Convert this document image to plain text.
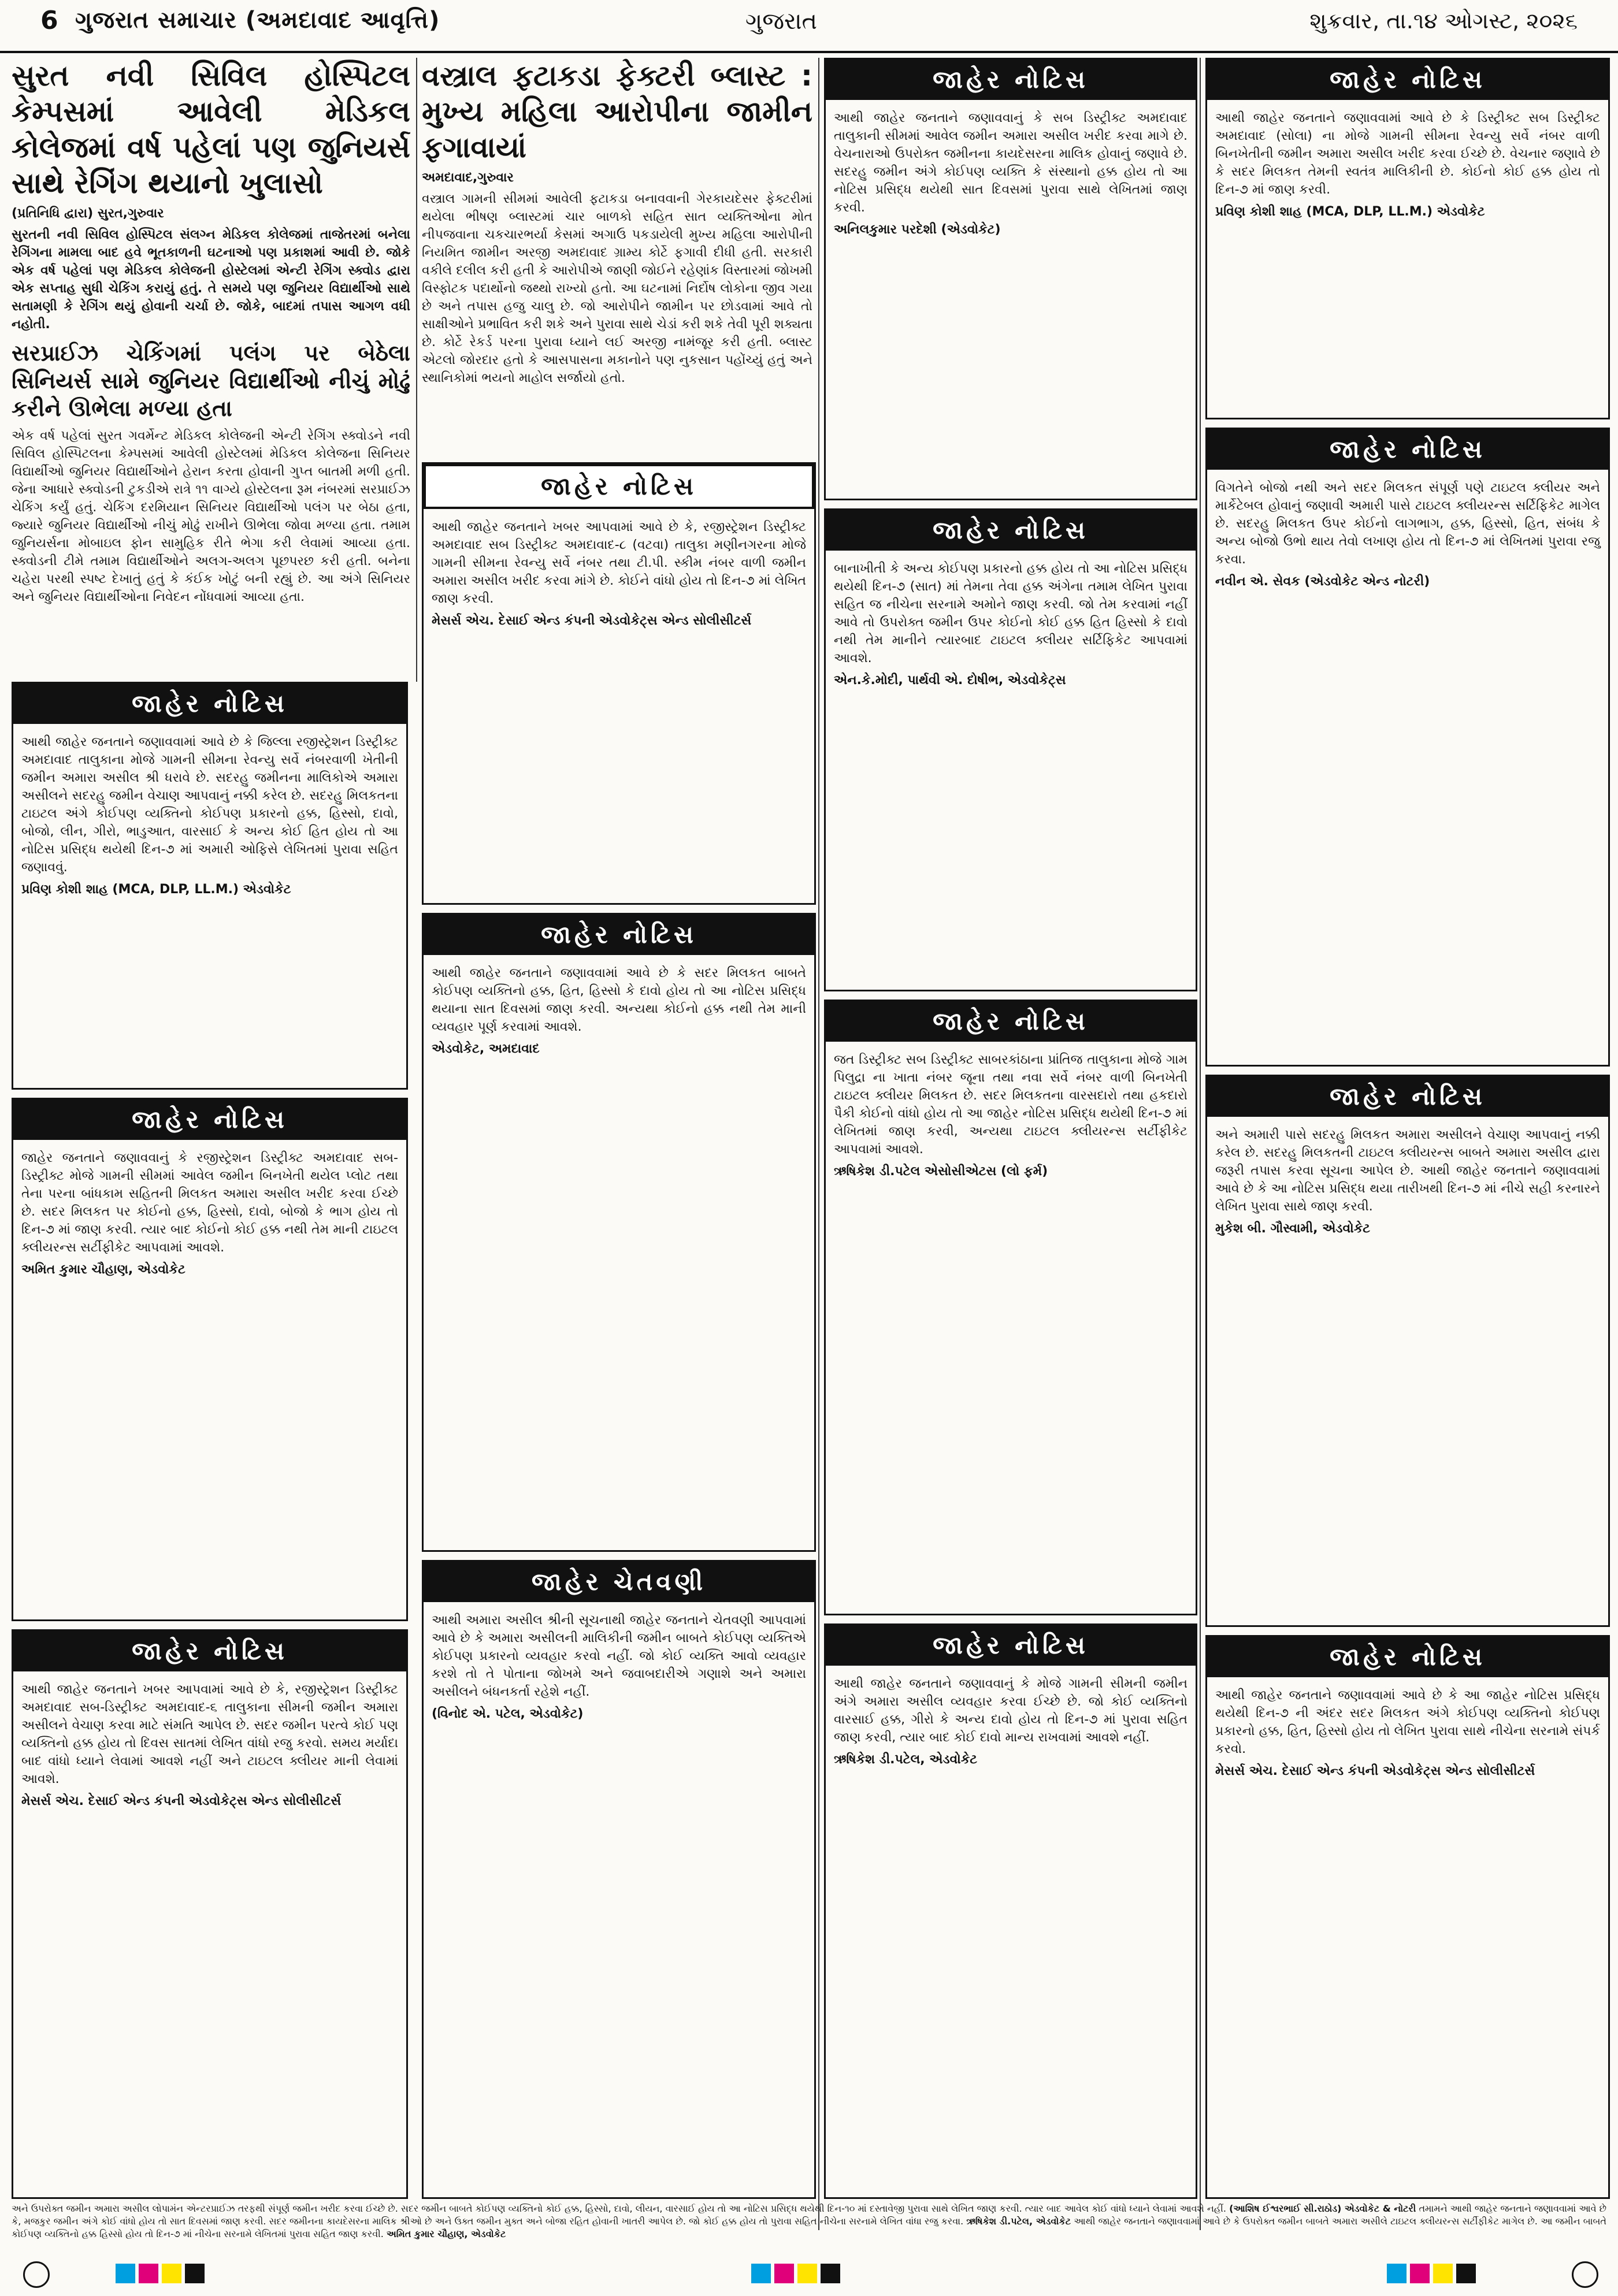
6 ગુજરાત સમાચાર (અમદાવાદ આવૃત્તિ)	ગુજરાત	શુક્રવાર, તા.૧૪ ઓગસ્ટ, ૨૦૨૬
સુરત નવી સિવિલ હોસ્પિટલ કેમ્પસમાં આવેલી મેડિકલ કોલેજમાં વર્ષ પહેલાં પણ જુનિયર્સ સાથે રેગિંગ થયાનો ખુલાસો
(પ્રતિનિધિ દ્વારા) સુરત,ગુરુવાર

સુરતની નવી સિવિલ હોસ્પિટલ સંલગ્ન મેડિકલ કોલેજમાં તાજેતરમાં બનેલા રેગિંગના મામલા બાદ હવે ભૂતકાળની ઘટનાઓ પણ પ્રકાશમાં આવી છે. જોકે એક વર્ષ પહેલાં પણ મેડિકલ કોલેજની હોસ્ટેલમાં એન્ટી રેગિંગ સ્ક્વોડ દ્વારા એક સપ્તાહ સુધી ચેકિંગ કરાયું હતું. તે સમયે પણ જુનિયર વિદ્યાર્થીઓ સાથે સતામણી કે રેગિંગ થયું હોવાની ચર્ચા છે. જોકે, બાદમાં તપાસ આગળ વધી નહોતી.

સરપ્રાઈઝ ચેકિંગમાં પલંગ પર બેઠેલા સિનિયર્સ સામે જુનિયર વિદ્યાર્થીઓ નીચું મોઢું કરીને ઊભેલા મળ્યા હતા

એક વર્ષ પહેલાં સુરત ગવર્મેન્ટ મેડિકલ કોલેજની એન્ટી રેગિંગ સ્ક્વોડને નવી સિવિલ હોસ્પિટલના કેમ્પસમાં આવેલી હોસ્ટેલમાં મેડિકલ કોલેજના સિનિયર વિદ્યાર્થીઓ જુનિયર વિદ્યાર્થીઓને હેરાન કરતા હોવાની ગુપ્ત બાતમી મળી હતી. જેના આધારે સ્ક્વોડની ટુકડીએ રાત્રે ૧૧ વાગ્યે હોસ્ટેલના રૂમ નંબરમાં સરપ્રાઈઝ ચેકિંગ કર્યું હતું. ચેકિંગ દરમિયાન સિનિયર વિદ્યાર્થીઓ પલંગ પર બેઠા હતા, જ્યારે જુનિયર વિદ્યાર્થીઓ નીચું મોઢું રાખીને ઊભેલા જોવા મળ્યા હતા. તમામ જુનિયર્સના મોબાઇલ ફોન સામુહિક રીતે ભેગા કરી લેવામાં આવ્યા હતા. સ્ક્વોડની ટીમે તમામ વિદ્યાર્થીઓને અલગ-અલગ પૂછપરછ કરી હતી. બનેના ચહેરા પરથી સ્પષ્ટ દેખાતું હતું કે કંઈક ખોટું બની રહ્યું છે. આ અંગે સિનિયર અને જુનિયર વિદ્યાર્થીઓના નિવેદન નોંધવામાં આવ્યા હતા.

વસ્ત્રાલ ફટાકડા ફેક્ટરી બ્લાસ્ટ : મુખ્ય મહિલા આરોપીના જામીન ફગાવાયાં
અમદાવાદ,ગુરુવાર

વસ્ત્રાલ ગામની સીમમાં આવેલી ફટાકડા બનાવવાની ગેરકાયદેસર ફેક્ટરીમાં થયેલા ભીષણ બ્લાસ્ટમાં ચાર બાળકો સહિત સાત વ્યક્તિઓના મોત નીપજવાના ચકચારભર્યા કેસમાં અગાઉ પકડાયેલી મુખ્ય મહિલા આરોપીની નિયમિત જામીન અરજી અમદાવાદ ગ્રામ્ય કોર્ટે ફગાવી દીધી હતી. સરકારી વકીલે દલીલ કરી હતી કે આરોપીએ જાણી જોઈને રહેણાંક વિસ્તારમાં જોખમી વિસ્ફોટક પદાર્થોનો જથ્થો રાખ્યો હતો. આ ઘટનામાં નિર્દોષ લોકોના જીવ ગયા છે અને તપાસ હજુ ચાલુ છે. જો આરોપીને જામીન પર છોડવામાં આવે તો સાક્ષીઓને પ્રભાવિત કરી શકે અને પુરાવા સાથે ચેડાં કરી શકે તેવી પૂરી શક્યતા છે. કોર્ટે રેકર્ડ પરના પુરાવા ધ્યાને લઈ અરજી નામંજૂર કરી હતી. બ્લાસ્ટ એટલો જોરદાર હતો કે આસપાસના મકાનોને પણ નુકસાન પહોંચ્યું હતું અને સ્થાનિકોમાં ભયનો માહોલ સર્જાયો હતો.

જાહેર નોટિસ
આથી જાહેર જનતાને જણાવવામાં આવે છે કે જિલ્લા રજીસ્ટ્રેશન ડિસ્ટ્રીક્ટ અમદાવાદ તાલુકાના મોજે ગામની સીમના રેવન્યુ સર્વે નંબરવાળી ખેતીની જમીન અમારા અસીલ શ્રી ધરાવે છે. સદરહુ જમીનના માલિકોએ અમારા અસીલને સદરહુ જમીન વેચાણ આપવાનું નક્કી કરેલ છે. સદરહુ મિલકતના ટાઇટલ અંગે કોઈપણ વ્યક્તિનો કોઈપણ પ્રકારનો હક્ક, હિસ્સો, દાવો, બોજો, લીન, ગીરો, ભાડુઆત, વારસાઈ કે અન્ય કોઈ હિત હોય તો આ નોટિસ પ્રસિદ્ધ થયેથી દિન-૭ માં અમારી ઓફિસે લેખિતમાં પુરાવા સહિત જણાવવું.
પ્રવિણ કોશી શાહ (MCA, DLP, LL.M.) એડવોકેટ
જાહેર નોટિસ
જાહેર જનતાને જણાવવાનું કે રજીસ્ટ્રેશન ડિસ્ટ્રીક્ટ અમદાવાદ સબ-ડિસ્ટ્રીક્ટ મોજે ગામની સીમમાં આવેલ જમીન બિનખેતી થયેલ પ્લોટ તથા તેના પરના બાંધકામ સહિતની મિલકત અમારા અસીલ ખરીદ કરવા ઈચ્છે છે. સદર મિલકત પર કોઈનો હક્ક, હિસ્સો, દાવો, બોજો કે ભાગ હોય તો દિન-૭ માં જાણ કરવી. ત્યાર બાદ કોઈનો કોઈ હક્ક નથી તેમ માની ટાઇટલ ક્લીયરન્સ સર્ટીફીકેટ આપવામાં આવશે.
અમિત કુમાર ચૌહાણ, એડવોકેટ
જાહેર નોટિસ
આથી જાહેર જનતાને ખબર આપવામાં આવે છે કે, રજીસ્ટ્રેશન ડિસ્ટ્રીક્ટ અમદાવાદ સબ-ડિસ્ટ્રીક્ટ અમદાવાદ-૬ તાલુકાના સીમની જમીન અમારા અસીલને વેચાણ કરવા માટે સંમતિ આપેલ છે. સદર જમીન પરત્વે કોઈ પણ વ્યક્તિનો હક્ક હોય તો દિવસ સાતમાં લેખિત વાંધો રજુ કરવો. સમય મર્યાદા બાદ વાંધો ધ્યાને લેવામાં આવશે નહીં અને ટાઇટલ ક્લીયર માની લેવામાં આવશે.
મેસર્સ એચ. દેસાઈ એન્ડ કંપની એડવોકેટ્સ એન્ડ સોલીસીટર્સ
જાહેર નોટિસ
આથી જાહેર જનતાને ખબર આપવામાં આવે છે કે, રજીસ્ટ્રેશન ડિસ્ટ્રીક્ટ અમદાવાદ સબ ડિસ્ટ્રીક્ટ અમદાવાદ-૮ (વટવા) તાલુકા મણીનગરના મોજે ગામની સીમના રેવન્યુ સર્વે નંબર તથા ટી.પી. સ્કીમ નંબર વાળી જમીન અમારા અસીલ ખરીદ કરવા માંગે છે. કોઈને વાંધો હોય તો દિન-૭ માં લેખિત જાણ કરવી.
મેસર્સ એચ. દેસાઈ એન્ડ કંપની એડવોકેટ્સ એન્ડ સોલીસીટર્સ
જાહેર નોટિસ
આથી જાહેર જનતાને જણાવવામાં આવે છે કે સદર મિલકત બાબતે કોઈપણ વ્યક્તિનો હક્ક, હિત, હિસ્સો કે દાવો હોય તો આ નોટિસ પ્રસિદ્ધ થયાના સાત દિવસમાં જાણ કરવી. અન્યથા કોઈનો હક્ક નથી તેમ માની વ્યવહાર પૂર્ણ કરવામાં આવશે.
એડવોકેટ, અમદાવાદ
જાહેર ચેતવણી
આથી અમારા અસીલ શ્રીની સૂચનાથી જાહેર જનતાને ચેતવણી આપવામાં આવે છે કે અમારા અસીલની માલિકીની જમીન બાબતે કોઈપણ વ્યક્તિએ કોઈપણ પ્રકારનો વ્યવહાર કરવો નહીં. જો કોઈ વ્યક્તિ આવો વ્યવહાર કરશે તો તે પોતાના જોખમે અને જવાબદારીએ ગણાશે અને અમારા અસીલને બંધનકર્તા રહેશે નહીં.
(વિનોદ એ. પટેલ, એડવોકેટ)
જાહેર નોટિસ
આથી જાહેર જનતાને જણાવવાનું કે સબ ડિસ્ટ્રીક્ટ અમદાવાદ તાલુકાની સીમમાં આવેલ જમીન અમારા અસીલ ખરીદ કરવા માગે છે. વેચનારાઓ ઉપરોક્ત જમીનના કાયદેસરના માલિક હોવાનું જણાવે છે. સદરહુ જમીન અંગે કોઈપણ વ્યક્તિ કે સંસ્થાનો હક્ક હોય તો આ નોટિસ પ્રસિદ્ધ થયેથી સાત દિવસમાં પુરાવા સાથે લેખિતમાં જાણ કરવી.
અનિલકુમાર પરદેશી (એડવોકેટ)
જાહેર નોટિસ
બાનાખીતી કે અન્ય કોઈપણ પ્રકારનો હક્ક હોય તો આ નોટિસ પ્રસિદ્ધ થયેથી દિન-૭ (સાત) માં તેમના તેવા હક્ક અંગેના તમામ લેખિત પુરાવા સહિત જ નીચેના સરનામે અમોને જાણ કરવી. જો તેમ કરવામાં નહીં આવે તો ઉપરોક્ત જમીન ઉપર કોઈનો કોઈ હક્ક હિત હિસ્સો કે દાવો નથી તેમ માનીને ત્યારબાદ ટાઇટલ ક્લીયર સર્ટિફિકેટ આપવામાં આવશે.
એન.કે.મોદી, પાર્થવી એ. દોષીભ, એડવોકેટ્સ
જાહેર નોટિસ
જત ડિસ્ટ્રીક્ટ સબ ડિસ્ટ્રીક્ટ સાબરકાંઠાના પ્રાંતિજ તાલુકાના મોજે ગામ પિલુદ્રા ના ખાતા નંબર જૂના તથા નવા સર્વે નંબર વાળી બિનખેતી ટાઇટલ ક્લીયર મિલકત છે. સદર મિલકતના વારસદારો તથા હકદારો પૈકી કોઈનો વાંધો હોય તો આ જાહેર નોટિસ પ્રસિદ્ધ થયેથી દિન-૭ માં લેખિતમાં જાણ કરવી, અન્યથા ટાઇટલ ક્લીયરન્સ સર્ટીફીકેટ આપવામાં આવશે.
ઋષિકેશ ડી.પટેલ એસોસીએટસ (લો ફર્મ)
જાહેર નોટિસ
આથી જાહેર જનતાને જણાવવાનું કે મોજે ગામની સીમની જમીન અંગે અમારા અસીલ વ્યવહાર કરવા ઈચ્છે છે. જો કોઈ વ્યક્તિનો વારસાઈ હક્ક, ગીરો કે અન્ય દાવો હોય તો દિન-૭ માં પુરાવા સહિત જાણ કરવી, ત્યાર બાદ કોઈ દાવો માન્ય રાખવામાં આવશે નહીં.
ઋષિકેશ ડી.પટેલ, એડવોકેટ
જાહેર નોટિસ
આથી જાહેર જનતાને જણાવવામાં આવે છે કે ડિસ્ટ્રીક્ટ સબ ડિસ્ટ્રીક્ટ અમદાવાદ (સોલા) ના મોજે ગામની સીમના રેવન્યુ સર્વે નંબર વાળી બિનખેતીની જમીન અમારા અસીલ ખરીદ કરવા ઈચ્છે છે. વેચનાર જણાવે છે કે સદર મિલકત તેમની સ્વતંત્ર માલિકીની છે. કોઈનો કોઈ હક્ક હોય તો દિન-૭ માં જાણ કરવી.
પ્રવિણ કોશી શાહ (MCA, DLP, LL.M.) એડવોકેટ
જાહેર નોટિસ
વિગતેને બોજો નથી અને સદર મિલકત સંપૂર્ણ પણે ટાઇટલ ક્લીયર અને માર્કેટેબલ હોવાનું જણાવી અમારી પાસે ટાઇટલ ક્લીયરન્સ સર્ટિફિકેટ માગેલ છે. સદરહુ મિલકત ઉપર કોઈનો લાગભાગ, હક્ક, હિસ્સો, હિત, સંબંધ કે અન્ય બોજો ઉભો થાય તેવો લખાણ હોય તો દિન-૭ માં લેખિતમાં પુરાવા રજુ કરવા.
નવીન એ. સેવક (એડવોકેટ એન્ડ નોટરી)
જાહેર નોટિસ
અને અમારી પાસે સદરહુ મિલકત અમારા અસીલને વેચાણ આપવાનું નક્કી કરેલ છે. સદરહુ મિલકતની ટાઇટલ ક્લીયરન્સ બાબતે અમારા અસીલ દ્વારા જરૂરી તપાસ કરવા સૂચના આપેલ છે. આથી જાહેર જનતાને જણાવવામાં આવે છે કે આ નોટિસ પ્રસિદ્ધ થયા તારીખથી દિન-૭ માં નીચે સહી કરનારને લેખિત પુરાવા સાથે જાણ કરવી.
મુકેશ બી. ગૌસ્વામી, એડવોકેટ
જાહેર નોટિસ
આથી જાહેર જનતાને જણાવવામાં આવે છે કે આ જાહેર નોટિસ પ્રસિદ્ધ થયેથી દિન-૭ ની અંદર સદર મિલકત અંગે કોઈપણ વ્યક્તિનો કોઈપણ પ્રકારનો હક્ક, હિત, હિસ્સો હોય તો લેખિત પુરાવા સાથે નીચેના સરનામે સંપર્ક કરવો.
મેસર્સ એચ. દેસાઈ એન્ડ કંપની એડવોકેટ્સ એન્ડ સોલીસીટર્સ
અને ઉપરોક્ત જમીન અમારા અસીલ લોપામંન એન્ટરપ્રાઈઝ તરફથી સંપૂર્ણ જમીન ખરીદ કરવા ઈચ્છે છે. સદર જમીન બાબતે કોઈપણ વ્યક્તિનો કોઈ હક્ક, હિસ્સો, દાવો, લીયન, વારસાઈ હોય તો આ નોટિસ પ્રસિદ્ધ થયેથી દિન-૧૦ માં દસ્તાવેજી પુરાવા સાથે લેખિત જાણ કરવી. ત્યાર બાદ આવેલ કોઈ વાંધો ધ્યાને લેવામાં આવશે નહીં. (આશિષ ઈશ્વરભાઈ સી.રાઠોડ) એડવોકેટ & નોટરી તમામને આથી જાહેર જનતાને જણાવવામાં આવે છે કે, મજકુર જમીન અંગે કોઈ વાંધો હોય તો સાત દિવસમાં જાણ કરવી. સદર જમીનના કાયદેસરના માલિક શ્રીઓ છે અને ઉક્ત જમીન મુક્ત અને બોજા રહિત હોવાની ખાતરી આપેલ છે. જો કોઈ હક્ક હોય તો પુરાવા સહિત નીચેના સરનામે લેખિત વાંધા રજુ કરવા. ઋષિકેશ ડી.પટેલ, એડવોકેટ આથી જાહેર જનતાને જણાવવામાં આવે છે કે ઉપરોક્ત જમીન બાબતે અમારા અસીલે ટાઇટલ ક્લીયરન્સ સર્ટીફીકેટ માગેલ છે. આ જમીન બાબતે કોઈપણ વ્યક્તિનો હક્ક હિસ્સો હોય તો દિન-૭ માં નીચેના સરનામે લેખિતમાં પુરાવા સહિત જાણ કરવી. અમિત કુમાર ચૌહાણ, એડવોકેટ
